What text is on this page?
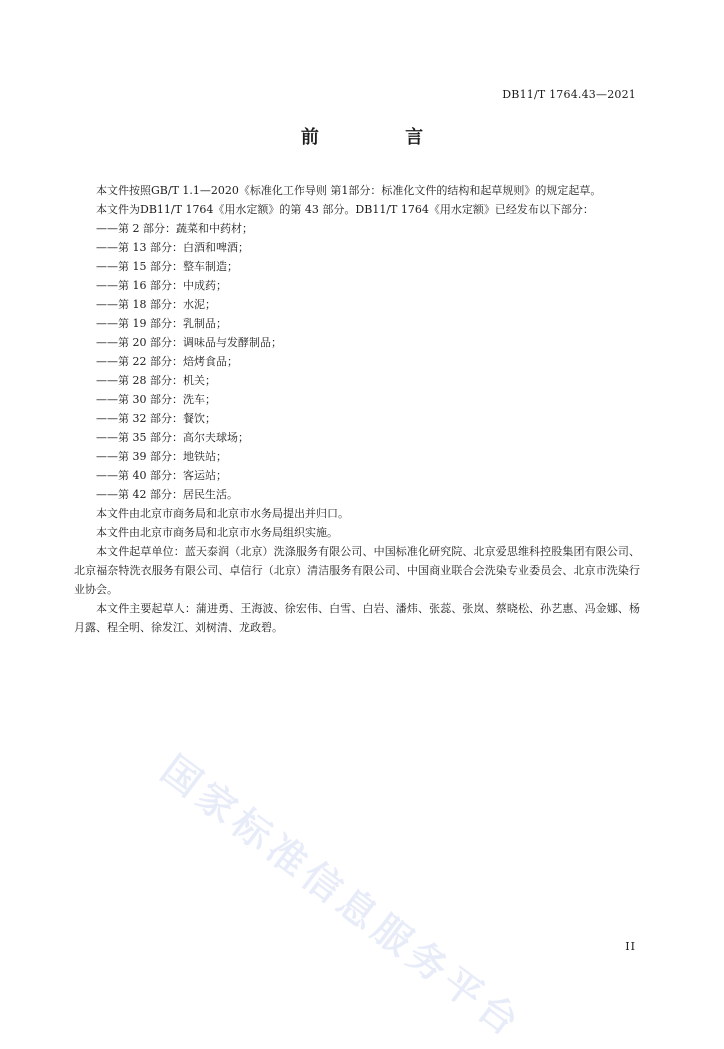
DB11/T 1764.43—2021
前 言

本文件按照GB/T 1.1—2020《标准化工作导则 第1部分：标准化文件的结构和起草规则》的规定起草。

本文件为DB11/T 1764《用水定额》的第 43 部分。DB11/T 1764《用水定额》已经发布以下部分：

—— 第 2 部分：蔬菜和中药材；
—— 第 13 部分：白酒和啤酒；
—— 第 15 部分：整车制造；
—— 第 16 部分：中成药；
—— 第 18 部分：水泥；
—— 第 19 部分：乳制品；
—— 第 20 部分：调味品与发酵制品；
—— 第 22 部分：焙烤食品；
—— 第 28 部分：机关；
—— 第 30 部分：洗车；
—— 第 32 部分：餐饮；
—— 第 35 部分：高尔夫球场；
—— 第 39 部分：地铁站；
—— 第 40 部分：客运站；
—— 第 42 部分：居民生活。

本文件由北京市商务局和北京市水务局提出并归口。

本文件由北京市商务局和北京市水务局组织实施。

本文件起草单位：蓝天泰润（北京）洗涤服务有限公司、中国标准化研究院、北京爱思维科控股集团有限公司、北京福奈特洗衣服务有限公司、卓信行（北京）清洁服务有限公司、中国商业联合会洗染专业委员会、北京市洗染行业协会。

本文件主要起草人：蒲进勇、王海波、徐宏伟、白雪、白岩、潘炜、张蕊、张岚、蔡晓松、孙艺惠、冯金娜、杨月露、程全明、徐发江、刘树清、龙政碧。

国家标准信息服务平台	II
